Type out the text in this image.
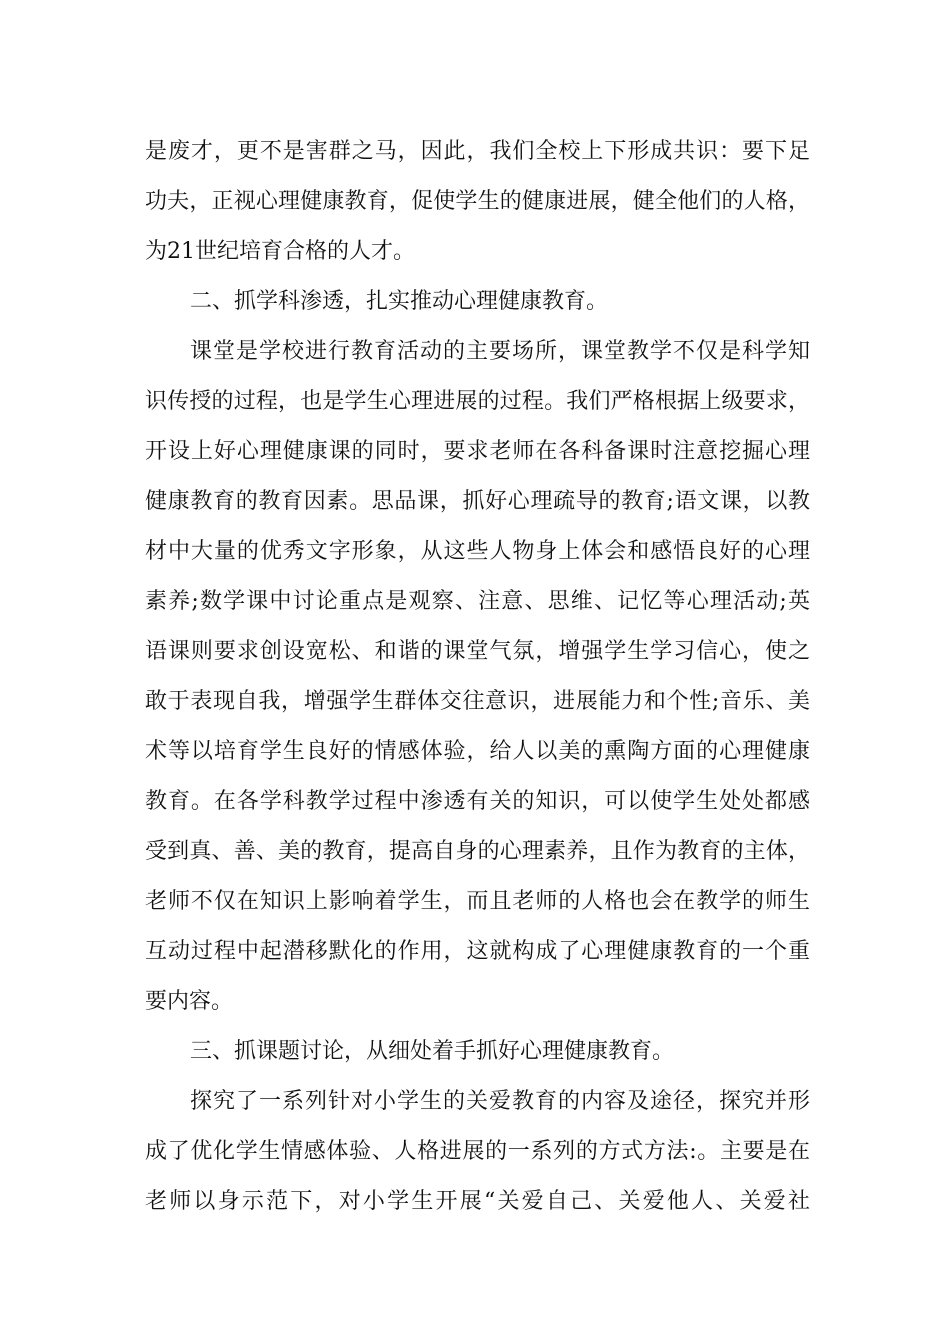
是废才，更不是害群之马，因此，我们全校上下形成共识：要下足
功夫，正视心理健康教育，促使学生的健康进展，健全他们的人格，
为21世纪培育合格的人才。
二、抓学科渗透，扎实推动心理健康教育。
课堂是学校进行教育活动的主要场所，课堂教学不仅是科学知
识传授的过程，也是学生心理进展的过程。我们严格根据上级要求，
开设上好心理健康课的同时，要求老师在各科备课时注意挖掘心理
健康教育的教育因素。思品课，抓好心理疏导的教育;语文课，以教
材中大量的优秀文字形象，从这些人物身上体会和感悟良好的心理
素养;数学课中讨论重点是观察、注意、思维、记忆等心理活动;英
语课则要求创设宽松、和谐的课堂气氛，增强学生学习信心，使之
敢于表现自我，增强学生群体交往意识，进展能力和个性;音乐、美
术等以培育学生良好的情感体验，给人以美的熏陶方面的心理健康
教育。在各学科教学过程中渗透有关的知识，可以使学生处处都感
受到真、善、美的教育，提高自身的心理素养，且作为教育的主体，
老师不仅在知识上影响着学生，而且老师的人格也会在教学的师生
互动过程中起潜移默化的作用，这就构成了心理健康教育的一个重
要内容。
三、抓课题讨论，从细处着手抓好心理健康教育。
探究了一系列针对小学生的关爱教育的内容及途径，探究并形
成了优化学生情感体验、人格进展的一系列的方式方法:。主要是在
老师以身示范下，对小学生开展“关爱自己、关爱他人、关爱社
